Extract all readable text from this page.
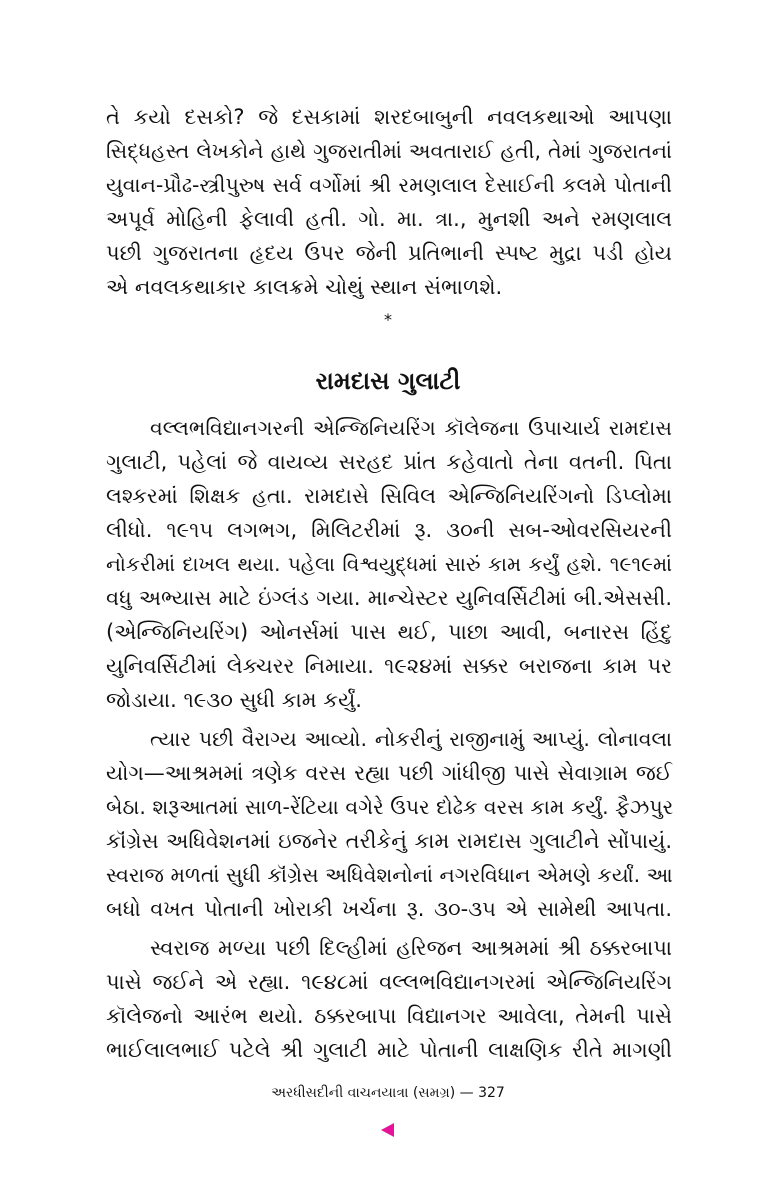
તે કયો દસકો? જે દસકામાં શરદબાબુની નવલકથાઓ આપણા
સિદ્ધહસ્ત લેખકોને હાથે ગુજરાતીમાં અવતારાઈ હતી, તેમાં ગુજરાતનાં
યુવાન-પ્રૌઢ-સ્ત્રીપુરુષ સર્વ વર્ગોમાં શ્રી રમણલાલ દેસાઈની કલમે પોતાની
અપૂર્વ મોહિની ફેલાવી હતી. ગો. મા. ત્રા., મુનશી અને રમણલાલ
પછી ગુજરાતના હૃદય ઉપર જેની પ્રતિભાની સ્પષ્ટ મુદ્રા પડી હોય
એ નવલકથાકાર કાલક્રમે ચોથું સ્થાન સંભાળશે.
*
રામદાસ ગુલાટી
વલ્લભવિદ્યાનગરની એન્જિનિયરિંગ કૉલેજના ઉપાચાર્ય રામદાસ
ગુલાટી, પહેલાં જે વાયવ્ય સરહદ પ્રાંત કહેવાતો તેના વતની. પિતા
લશ્કરમાં શિક્ષક હતા. રામદાસે સિવિલ એન્જિનિયરિંગનો ડિપ્લોમા
લીધો. ૧૯૧૫ લગભગ, મિલિટરીમાં રૂ. ૩૦ની સબ-ઓવરસિયરની
નોકરીમાં દાખલ થયા. પહેલા વિશ્વયુદ્ધમાં સારું કામ કર્યું હશે. ૧૯૧૯માં
વધુ અભ્યાસ માટે ઇંગ્લંડ ગયા. માન્ચેસ્ટર યુનિવર્સિટીમાં બી.એસસી.
(એન્જિનિયરિંગ) ઓનર્સમાં પાસ થઈ, પાછા આવી, બનારસ હિંદુ
યુનિવર્સિટીમાં લેક્ચરર નિમાયા. ૧૯૨૪માં સક્કર બરાજના કામ પર
જોડાયા. ૧૯૩૦ સુધી કામ કર્યું.
ત્યાર પછી વૈરાગ્ય આવ્યો. નોકરીનું રાજીનામું આપ્યું. લોનાવલા
યોગ—આશ્રમમાં ત્રણેક વરસ રહ્યા પછી ગાંધીજી પાસે સેવાગ્રામ જઈ
બેઠા. શરૂઆતમાં સાળ-રેંટિયા વગેરે ઉપર દોઢેક વરસ કામ કર્યું. ફૈઝપુર
કૉંગ્રેસ અધિવેશનમાં ઇજનેર તરીકેનું કામ રામદાસ ગુલાટીને સોંપાયું.
સ્વરાજ મળતાં સુધી કૉંગ્રેસ અધિવેશનોનાં નગરવિધાન એમણે કર્યાં. આ
બધો વખત પોતાની ખોરાકી ખર્ચના રૂ. ૩૦-૩૫ એ સામેથી આપતા.
સ્વરાજ મળ્યા પછી દિલ્હીમાં હરિજન આશ્રમમાં શ્રી ઠક્કરબાપા
પાસે જઈને એ રહ્યા. ૧૯૪૮માં વલ્લભવિદ્યાનગરમાં એન્જિનિયરિંગ
કૉલેજનો આરંભ થયો. ઠક્કરબાપા વિદ્યાનગર આવેલા, તેમની પાસે
ભાઈલાલભાઈ પટેલે શ્રી ગુલાટી માટે પોતાની લાક્ષણિક રીતે માગણી
અરધીસદીની વાચનયાત્રા (સમગ્ર) — 327
